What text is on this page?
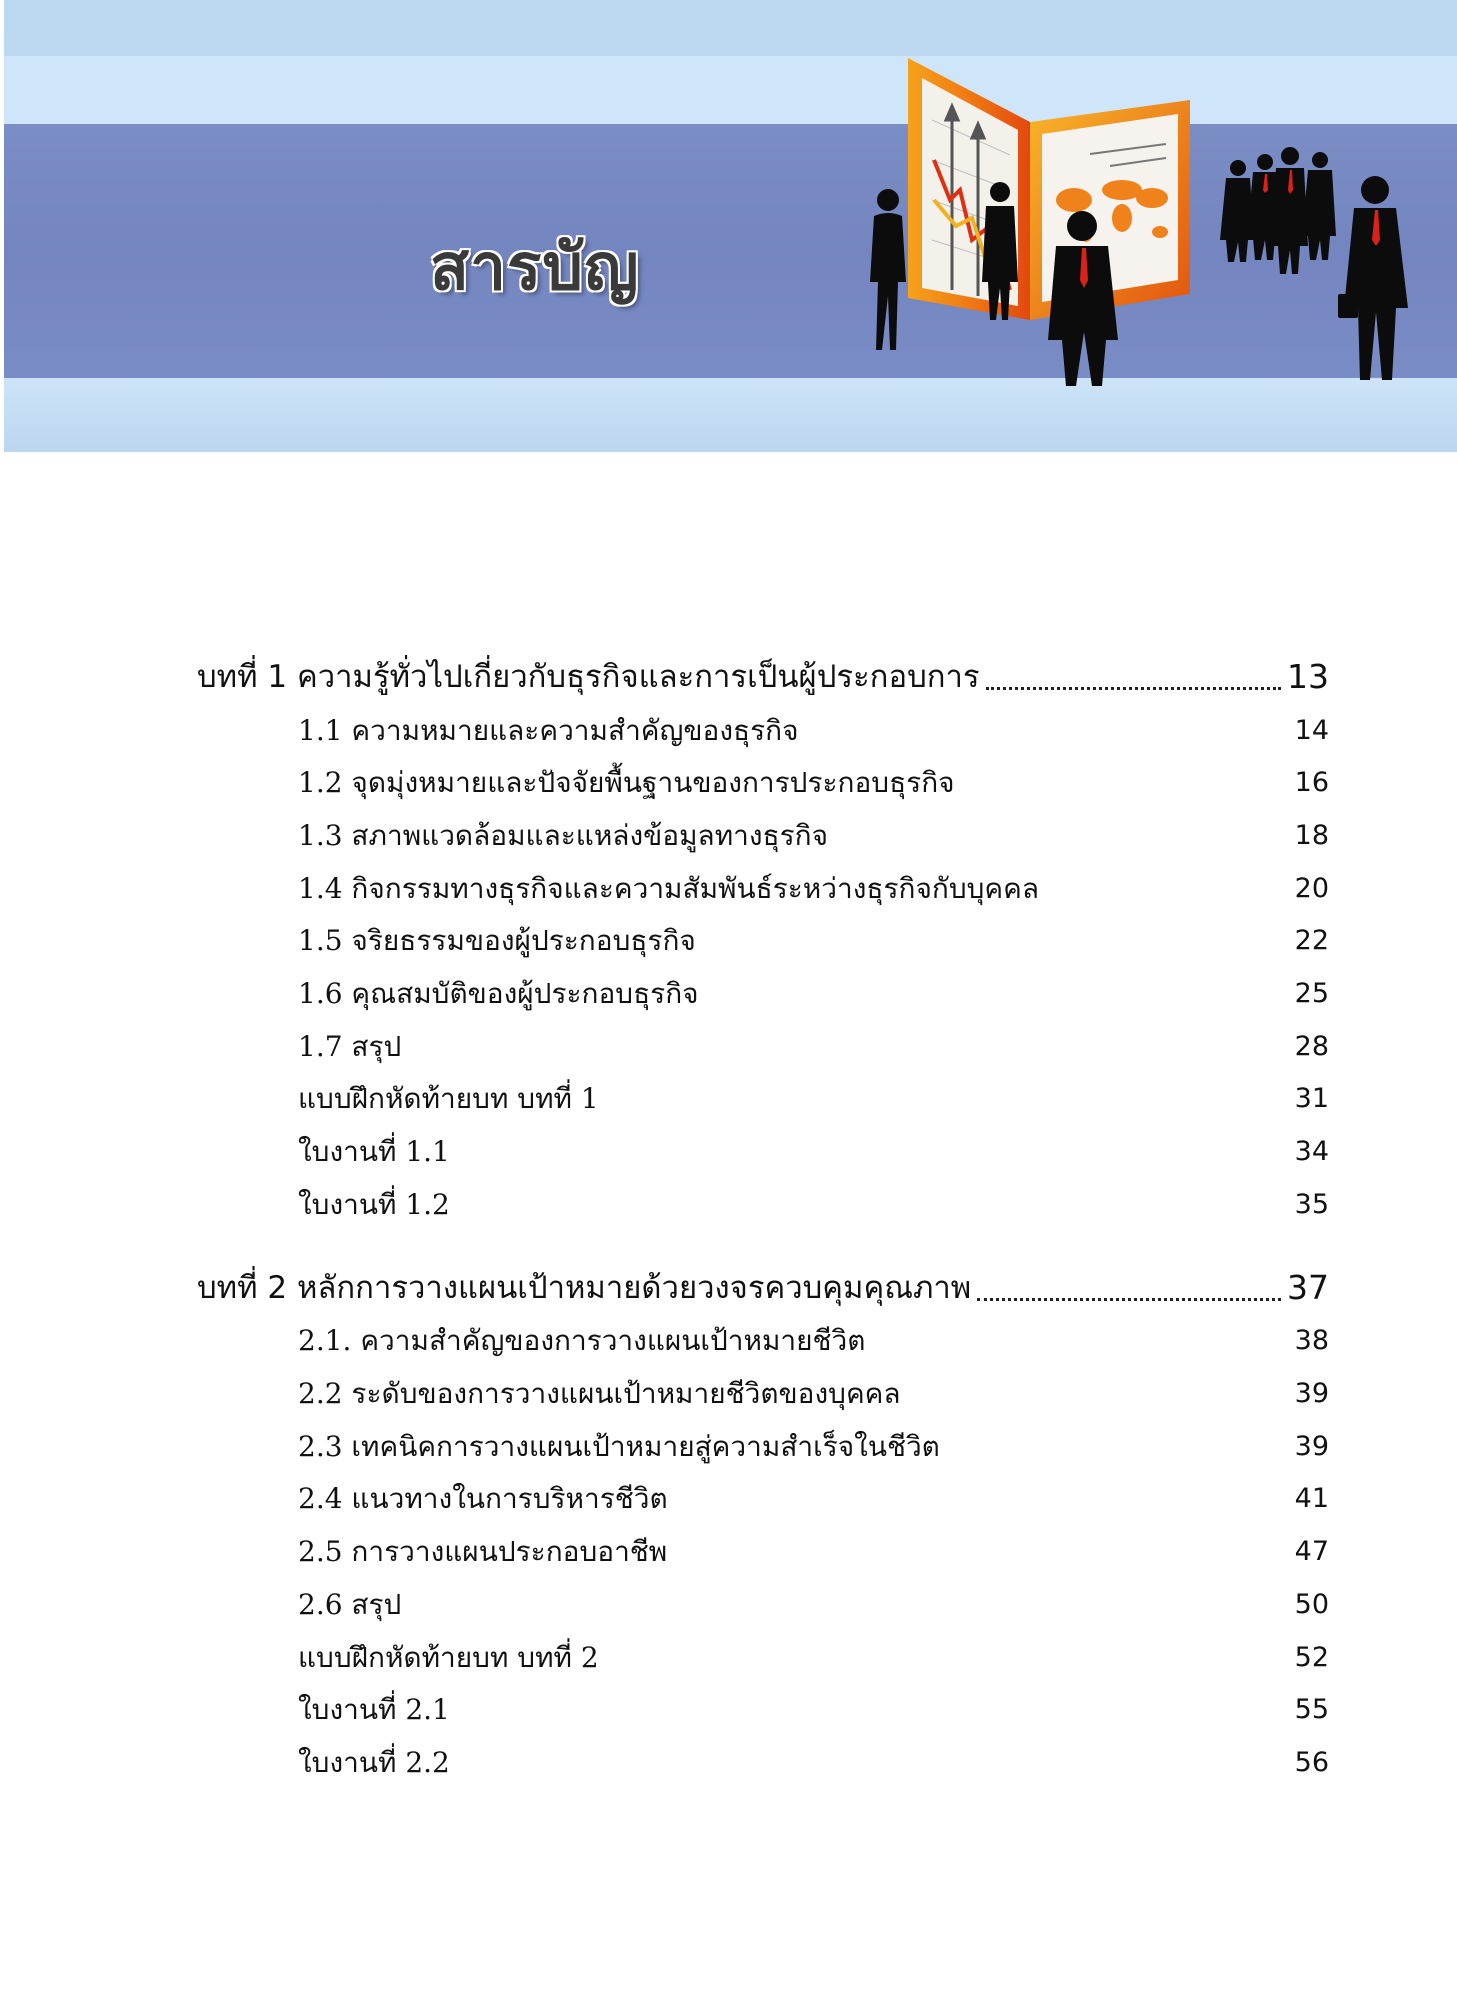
สารบัญ
บทที่ 1 ความรู้ทั่วไปเกี่ยวกับธุรกิจและการเป็นผู้ประกอบการ	13
1.1 ความหมายและความสำคัญของธุรกิจ	14
1.2 จุดมุ่งหมายและปัจจัยพื้นฐานของการประกอบธุรกิจ	16
1.3 สภาพแวดล้อมและแหล่งข้อมูลทางธุรกิจ	18
1.4 กิจกรรมทางธุรกิจและความสัมพันธ์ระหว่างธุรกิจกับบุคคล	20
1.5 จริยธรรมของผู้ประกอบธุรกิจ	22
1.6 คุณสมบัติของผู้ประกอบธุรกิจ	25
1.7 สรุป	28
แบบฝึกหัดท้ายบท บทที่ 1	31
ใบงานที่ 1.1	34
ใบงานที่ 1.2	35
บทที่ 2 หลักการวางแผนเป้าหมายด้วยวงจรควบคุมคุณภาพ	37
2.1. ความสำคัญของการวางแผนเป้าหมายชีวิต	38
2.2 ระดับของการวางแผนเป้าหมายชีวิตของบุคคล	39
2.3 เทคนิคการวางแผนเป้าหมายสู่ความสำเร็จในชีวิต	39
2.4 แนวทางในการบริหารชีวิต	41
2.5 การวางแผนประกอบอาชีพ	47
2.6 สรุป	50
แบบฝึกหัดท้ายบท บทที่ 2	52
ใบงานที่ 2.1	55
ใบงานที่ 2.2	56
